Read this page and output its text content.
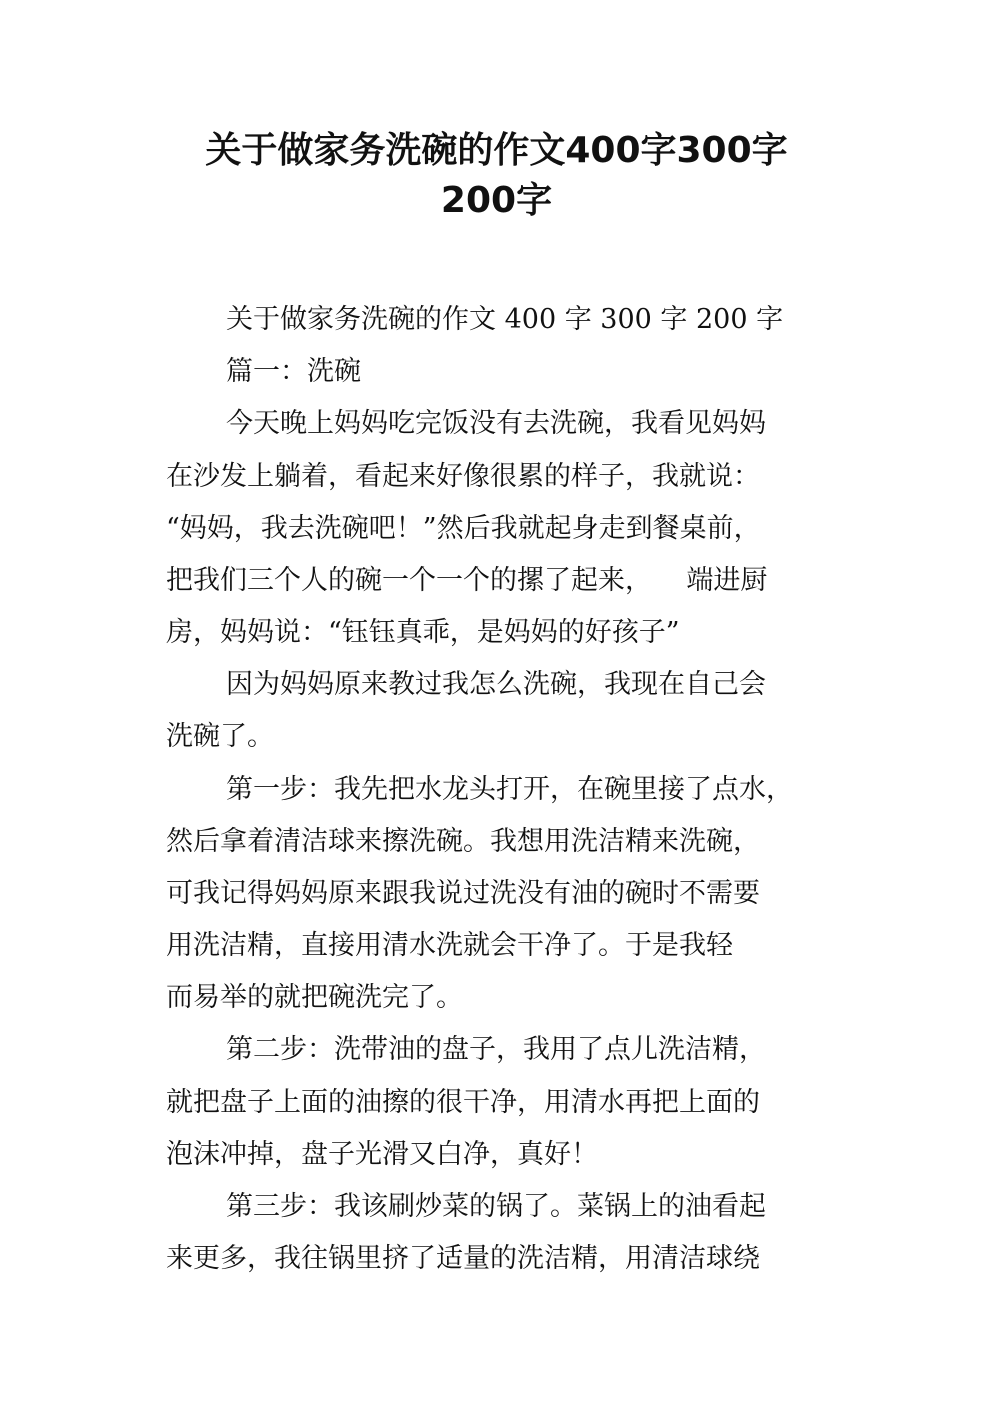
关于做家务洗碗的作文400字300字
200字
关于做家务洗碗的作文 400 字 300 字 200 字
篇一：洗碗
今天晚上妈妈吃完饭没有去洗碗，我看见妈妈
在沙发上躺着，看起来好像很累的样子，我就说：
“妈妈，我去洗碗吧！”然后我就起身走到餐桌前，
把我们三个人的碗一个一个的摞了起来，    端进厨
房，妈妈说：“钰钰真乖，是妈妈的好孩子”
因为妈妈原来教过我怎么洗碗，我现在自己会
洗碗了。
第一步：我先把水龙头打开，在碗里接了点水，
然后拿着清洁球来擦洗碗。我想用洗洁精来洗碗，
可我记得妈妈原来跟我说过洗没有油的碗时不需要
用洗洁精，直接用清水洗就会干净了。于是我轻
而易举的就把碗洗完了。
第二步：洗带油的盘子，我用了点儿洗洁精，
就把盘子上面的油擦的很干净，用清水再把上面的
泡沫冲掉，盘子光滑又白净，真好！
第三步：我该刷炒菜的锅了。菜锅上的油看起
来更多，我往锅里挤了适量的洗洁精，用清洁球绕
